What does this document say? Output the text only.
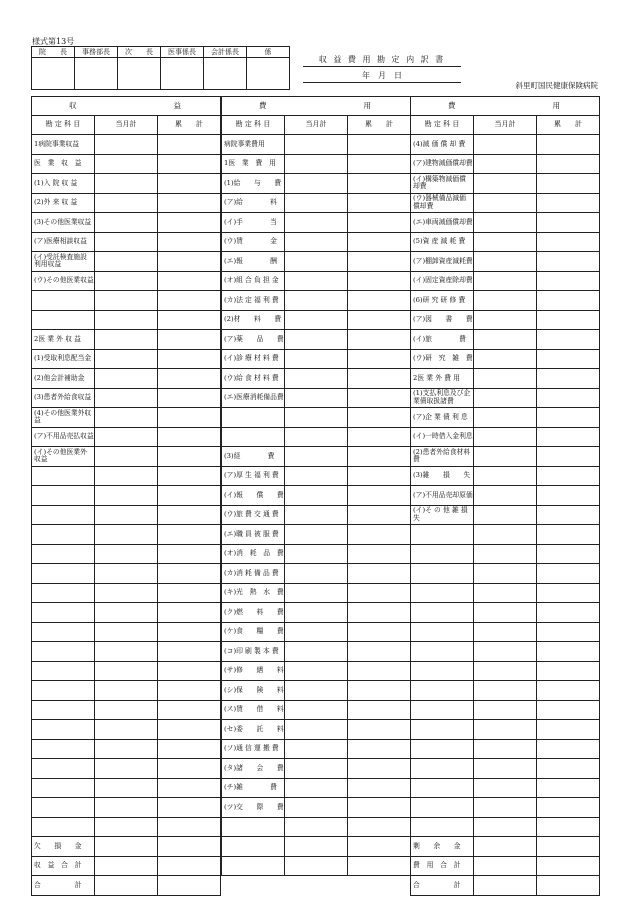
様式第13号
院　　長	事務部長	次　　長	医事係長	会計係長	係

収 益 費 用 勘 定 内 訳 書
年　月　日
斜里町国民健康保険病院
収　　　　　　　　　　益		
勘 定 科 目	当月計	累　　計
1病院事業収益		
医　業　収　益		
(1)入 院 収 益		
(2)外 来 収 益		
(3)その他医業収益		
(ア)医療相談収益		
(イ)受託検査施設利用収益		
(ウ)その他医業収益		

2医 業 外 収 益		
(1)受取利息配当金		
(2)他会計補助金		
(3)患者外給食収益		
(4)その他医業外収益		
(ア)不用品売払収益		
(イ)その他医業外収益		

欠　　損　　金		
収　益　合　計		
合　　　　　計		
費　　　　　　　　　　用		
勘 定 科 目	当月計	累　　計
病院事業費用		
1医　業　費　用		
(1)給　　与　　費		
(ア)給　　　　料		
(イ)手　　　　当		
(ウ)賃　　　　金		
(エ)報　　　　酬		
(オ)組 合 負 担 金		
(カ)法 定 福 利 費		
(2)材　　料　　費		
(ア)薬　　品　　費		
(イ)診 療 材 料 費		
(ウ)給 食 材 料 費		
(エ)医療消耗備品費		

(3)経　　　　費		
(ア)厚 生 福 利 費		
(イ)報　　償　　費		
(ウ)旅 費 交 通 費		
(エ)職 員 被 服 費		
(オ)消　耗　品　費		
(カ)消 耗 備 品 費		
(キ)光　熱　水　費		
(ク)燃　　料　　費		
(ケ)食　　糧　　費		
(コ)印 刷 製 本 費		
(サ)修　　繕　　料		
(シ)保　　険　　料		
(ス)賃　　借　　料		
(セ)委　　託　　料		
(ソ)通 信 運 搬 費		
(タ)諸　　会　　費		
(チ)雑　　　　費		
(ツ)交　　際　　費		

費　　　　　　　　　　用		
勘 定 科 目	当月計	累　　計
(4)減 価 償 却 費		
(ア)建物減価償却費		
(イ)構築物減価償却費		
(ウ)器械備品減価償却費		
(エ)車両減価償却費		
(5)資 産 減 耗 費		
(ア)棚卸資産減耗費		
(イ)固定資産除却費		
(6)研 究 研 修 費		
(ア)図　　書　　費		
(イ)旅　　　　費		
(ウ)研　究　雑　費		
2医 業 外 費 用		
(1)支払利息及び企業債取扱諸費		
(ア)企 業 債 利 息		
(イ)一時借入金利息		
(2)患者外給食材料費		
(3)雑　　損　　失		
(ア)不用品売却原価		
(イ)そ の 他 雑 損 失		

剰　　余　　金		
費　用　合　計		
合　　　　　計		
